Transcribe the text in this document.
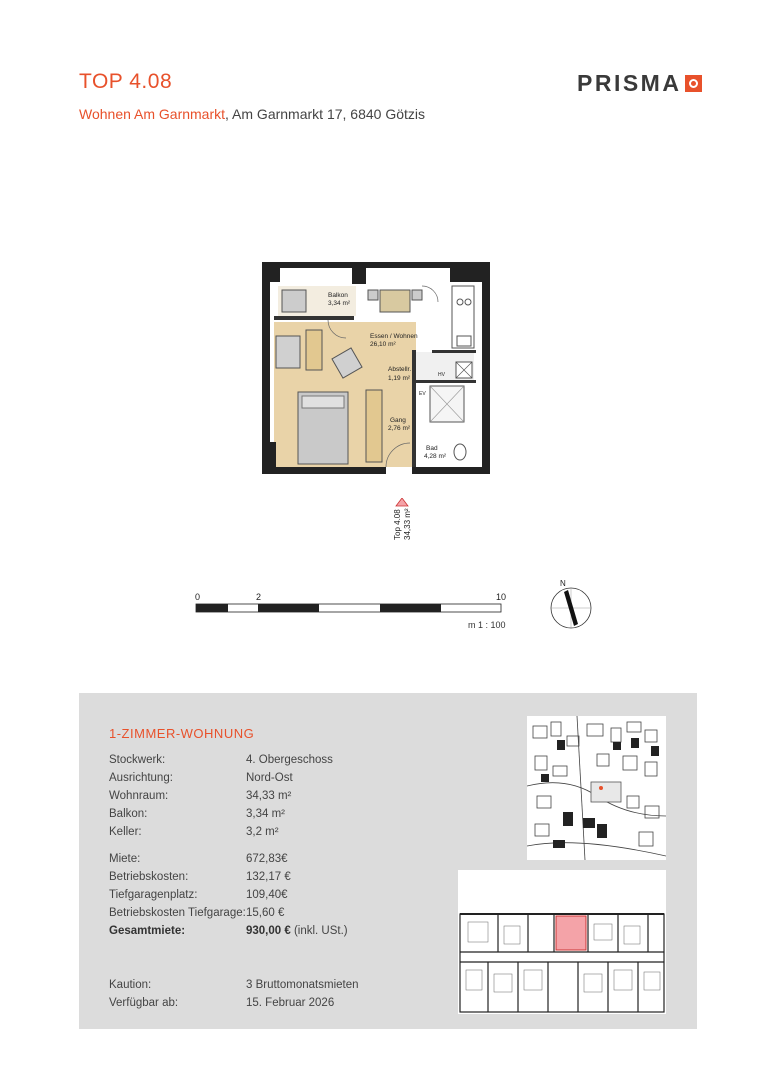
TOP 4.08
Wohnen Am Garnmarkt, Am Garnmarkt 17, 6840 Götzis
PRISMA
Balkon
3,34 m²
Essen / Wohnen
26,10 m²
Abstellr.
1,19 m²
Gang
2,76 m²
Bad
4,28 m²
HV
EV
Top 4.08 34,33 m²
0	2	10
m 1 : 100
N
1-ZIMMER-WOHNUNG
Stockwerk:	4. Obergeschoss
Ausrichtung:	Nord-Ost
Wohnraum:	34,33 m²
Balkon:	3,34 m²
Keller:	3,2 m²
Miete:	672,83€
Betriebskosten:	132,17 €
Tiefgaragenplatz:	109,40€
Betriebskosten Tiefgarage: 15,60 €
Gesamtmiete:	930,00 € (inkl. USt.)
Kaution:	3 Bruttomonatsmieten
Verfügbar ab:	15. Februar 2026
